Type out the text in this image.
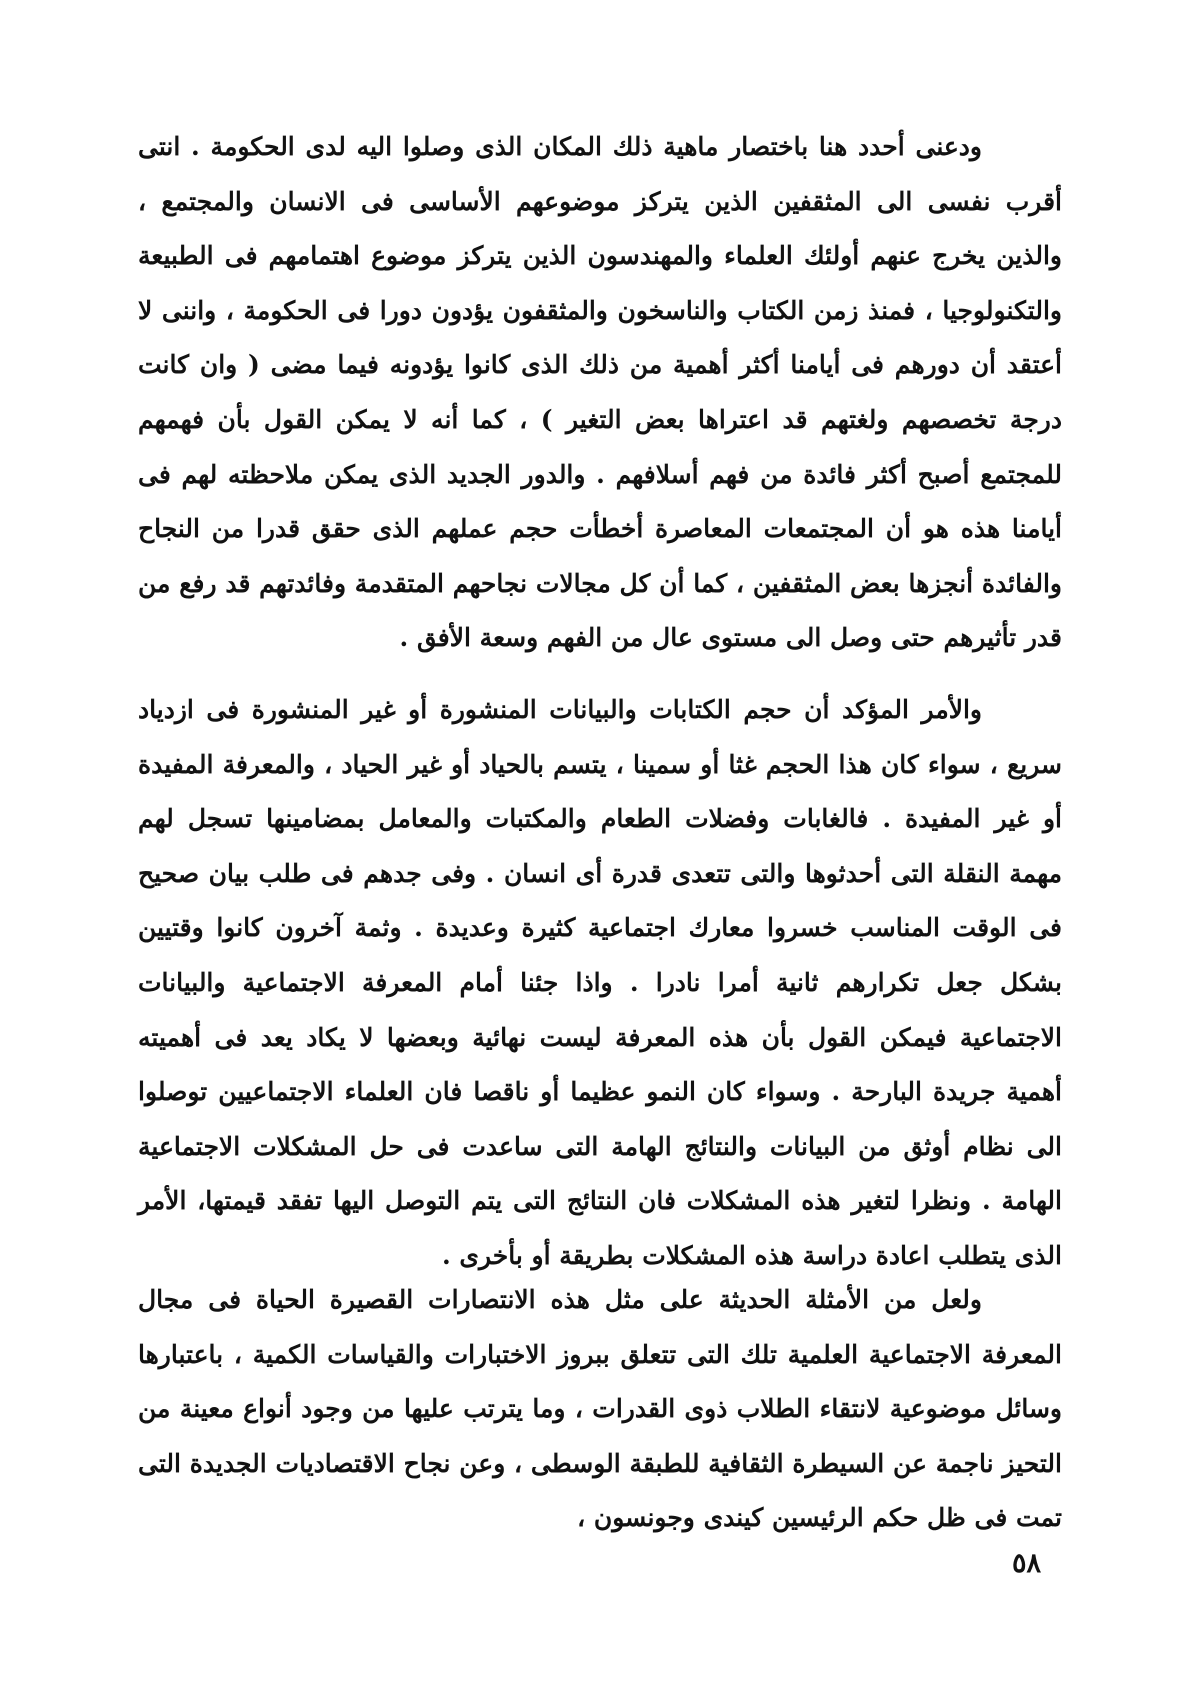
ودعنى أحدد هنا باختصار ماهية ذلك المكان الذى وصلوا اليه لدى الحكومة . انتى أقرب نفسى الى المثقفين الذين يتركز موضوعهم الأساسى فى الانسان والمجتمع ، والذين يخرج عنهم أولئك العلماء والمهندسون الذين يتركز موضوع اهتمامهم فى الطبيعة والتكنولوجيا ، فمنذ زمن الكتاب والناسخون والمثقفون يؤدون دورا فى الحكومة ، واننى لا أعتقد أن دورهم فى أيامنا أكثر أهمية من ذلك الذى كانوا يؤدونه فيما مضى ( وان كانت درجة تخصصهم ولغتهم قد اعتراها بعض التغير ) ، كما أنه لا يمكن القول بأن فهمهم للمجتمع أصبح أكثر فائدة من فهم أسلافهم . والدور الجديد الذى يمكن ملاحظته لهم فى أيامنا هذه هو أن المجتمعات المعاصرة أخطأت حجم عملهم الذى حقق قدرا من النجاح والفائدة أنجزها بعض المثقفين ، كما أن كل مجالات نجاحهم المتقدمة وفائدتهم قد رفع من قدر تأثيرهم حتى وصل الى مستوى عال من الفهم وسعة الأفق .

والأمر المؤكد أن حجم الكتابات والبيانات المنشورة أو غير المنشورة فى ازدياد سريع ، سواء كان هذا الحجم غثا أو سمينا ، يتسم بالحياد أو غير الحياد ، والمعرفة المفيدة أو غير المفيدة . فالغابات وفضلات الطعام والمكتبات والمعامل بمضامينها تسجل لهم مهمة النقلة التى أحدثوها والتى تتعدى قدرة أى انسان . وفى جدهم فى طلب بيان صحيح فى الوقت المناسب خسروا معارك اجتماعية كثيرة وعديدة . وثمة آخرون كانوا وقتيين بشكل جعل تكرارهم ثانية أمرا نادرا . واذا جئنا أمام المعرفة الاجتماعية والبيانات الاجتماعية فيمكن القول بأن هذه المعرفة ليست نهائية وبعضها لا يكاد يعد فى أهميته أهمية جريدة البارحة . وسواء كان النمو عظيما أو ناقصا فان العلماء الاجتماعيين توصلوا الى نظام أوثق من البيانات والنتائج الهامة التى ساعدت فى حل المشكلات الاجتماعية الهامة . ونظرا لتغير هذه المشكلات فان النتائج التى يتم التوصل اليها تفقد قيمتها، الأمر الذى يتطلب اعادة دراسة هذه المشكلات بطريقة أو بأخرى .

ولعل من الأمثلة الحديثة على مثل هذه الانتصارات القصيرة الحياة فى مجال المعرفة الاجتماعية العلمية تلك التى تتعلق ببروز الاختبارات والقياسات الكمية ، باعتبارها وسائل موضوعية لانتقاء الطلاب ذوى القدرات ، وما يترتب عليها من وجود أنواع معينة من التحيز ناجمة عن السيطرة الثقافية للطبقة الوسطى ، وعن نجاح الاقتصاديات الجديدة التى تمت فى ظل حكم الرئيسين كيندى وجونسون ،

٥٨
